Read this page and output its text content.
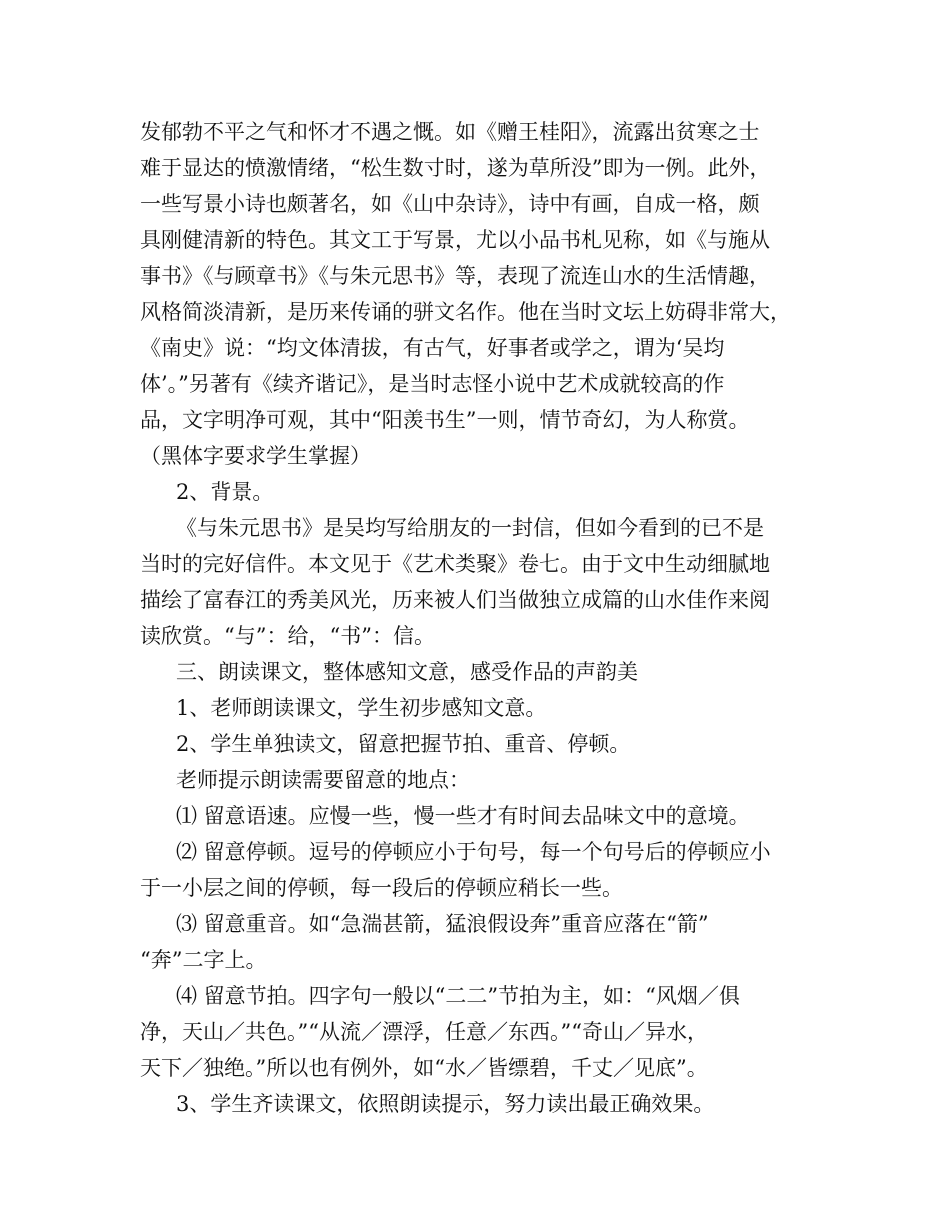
发郁勃不平之气和怀才不遇之慨。如《赠王桂阳》，流露出贫寒之士
难于显达的愤激情绪，“松生数寸时，遂为草所没”即为一例。此外，
一些写景小诗也颇著名，如《山中杂诗》，诗中有画，自成一格，颇
具刚健清新的特色。其文工于写景，尤以小品书札见称，如《与施从
事书》《与顾章书》《与朱元思书》等，表现了流连山水的生活情趣，
风格简淡清新，是历来传诵的骈文名作。他在当时文坛上妨碍非常大，
《南史》说：“均文体清拔，有古气，好事者或学之，谓为‘吴均
体’。”另著有《续齐谐记》，是当时志怪小说中艺术成就较高的作
品，文字明净可观，其中“阳羡书生”一则，情节奇幻，为人称赏。
（黑体字要求学生掌握）
2、背景。
《与朱元思书》是吴均写给朋友的一封信，但如今看到的已不是
当时的完好信件。本文见于《艺术类聚》卷七。由于文中生动细腻地
描绘了富春江的秀美风光，历来被人们当做独立成篇的山水佳作来阅
读欣赏。“与”：给，“书”：信。
三、朗读课文，整体感知文意，感受作品的声韵美
1、老师朗读课文，学生初步感知文意。
2、学生单独读文，留意把握节拍、重音、停顿。
老师提示朗读需要留意的地点：
⑴ 留意语速。应慢一些，慢一些才有时间去品味文中的意境。
⑵ 留意停顿。逗号的停顿应小于句号，每一个句号后的停顿应小
于一小层之间的停顿，每一段后的停顿应稍长一些。
⑶ 留意重音。如“急湍甚箭，猛浪假设奔”重音应落在“箭”
“奔”二字上。
⑷ 留意节拍。四字句一般以“二二”节拍为主，如：“风烟／俱
净，天山／共色。”“从流／漂浮，任意／东西。”“奇山／异水，
天下／独绝。”所以也有例外，如“水／皆缥碧，千丈／见底”。
3、学生齐读课文，依照朗读提示，努力读出最正确效果。
